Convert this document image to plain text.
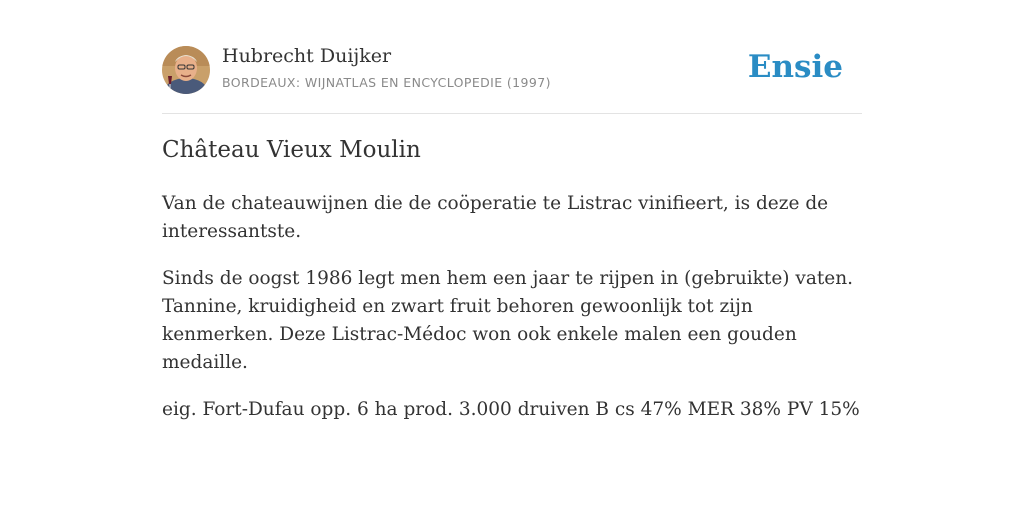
Hubrecht Duijker
BORDEAUX: WIJNATLAS EN ENCYCLOPEDIE (1997)	Ensie
Château Vieux Moulin

Van de chateauwijnen die de coöperatie te Listrac vinifieert, is deze de interessantste.

Sinds de oogst 1986 legt men hem een jaar te rijpen in (gebruikte) vaten. Tannine, kruidigheid en zwart fruit behoren gewoonlijk tot zijn kenmerken. Deze Listrac-Médoc won ook enkele malen een gouden medaille.

eig. Fort-Dufau opp. 6 ha prod. 3.000 druiven B cs 47% MER 38% PV 15%
